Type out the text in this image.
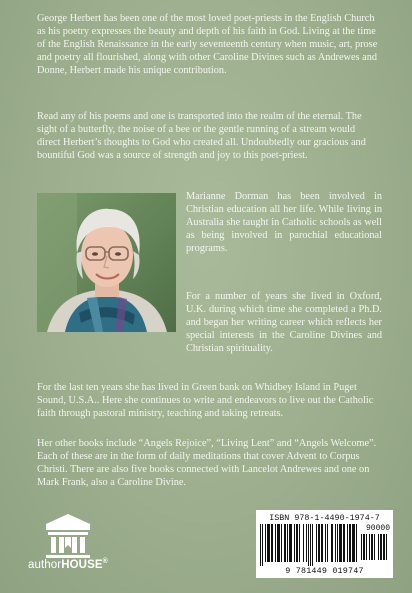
George Herbert has been one of the most loved poet-priests in the English Church as his poetry expresses the beauty and depth of his faith in God. Living at the time of the English Renaissance in the early seventeenth century when music, art, prose and poetry all flourished, along with other Caroline Divines such as Andrewes and Donne, Herbert made his unique contribution.

Read any of his poems and one is transported into the realm of the eternal. The sight of a butterfly, the noise of a bee or the gentle running of a stream would direct Herbert’s thoughts to God who created all. Undoubtedly our gracious and bountiful God was a source of strength and joy to this poet-priest.

Marianne Dorman has been involved in Christian education all her life. While living in Australia she taught in Catholic schools as well as being involved in parochial educational programs.

For a number of years she lived in Oxford, U.K. during which time she completed a Ph.D. and began her writing career which reflects her special interests in the Caroline Divines and Christian spirituality.

For the last ten years she has lived in Green bank on Whidbey Island in Puget Sound, U.S.A.. Here she continues to write and endeavors to live out the Catholic faith through pastoral ministry, teaching and taking retreats.

Her other books include “Angels Rejoice”, “Living Lent” and “Angels Welcome”. Each of these are in the form of daily meditations that cover Advent to Corpus Christi. There are also five books connected with Lancelot Andrewes and one on Mark Frank, also a Caroline Divine.

authorHOUSE®
ISBN 978-1-4490-1974-7
90000
9 781449 019747
